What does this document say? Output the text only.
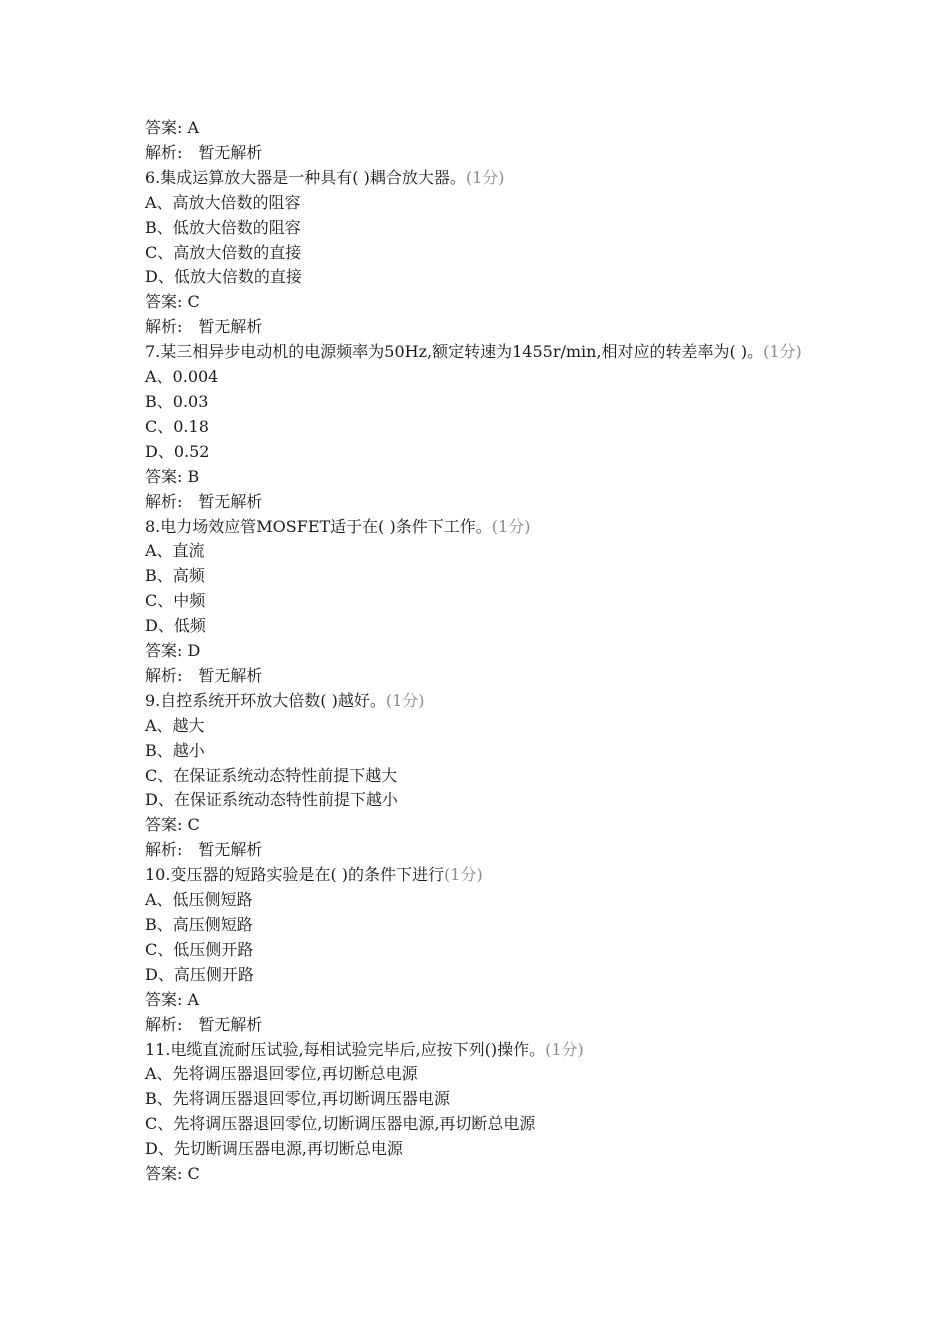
答案: A
解析: 暂无解析
6.集成运算放大器是一种具有( )耦合放大器。(1分)
A、高放大倍数的阻容
B、低放大倍数的阻容
C、高放大倍数的直接
D、低放大倍数的直接
答案: C
解析: 暂无解析
7.某三相异步电动机的电源频率为50Hz,额定转速为1455r/min,相对应的转差率为( )。(1分)
A、0.004
B、0.03
C、0.18
D、0.52
答案: B
解析: 暂无解析
8.电力场效应管MOSFET适于在( )条件下工作。(1分)
A、直流
B、高频
C、中频
D、低频
答案: D
解析: 暂无解析
9.自控系统开环放大倍数( )越好。(1分)
A、越大
B、越小
C、在保证系统动态特性前提下越大
D、在保证系统动态特性前提下越小
答案: C
解析: 暂无解析
10.变压器的短路实验是在( )的条件下进行(1分)
A、低压侧短路
B、高压侧短路
C、低压侧开路
D、高压侧开路
答案: A
解析: 暂无解析
11.电缆直流耐压试验,每相试验完毕后,应按下列()操作。(1分)
A、先将调压器退回零位,再切断总电源
B、先将调压器退回零位,再切断调压器电源
C、先将调压器退回零位,切断调压器电源,再切断总电源
D、先切断调压器电源,再切断总电源
答案: C
